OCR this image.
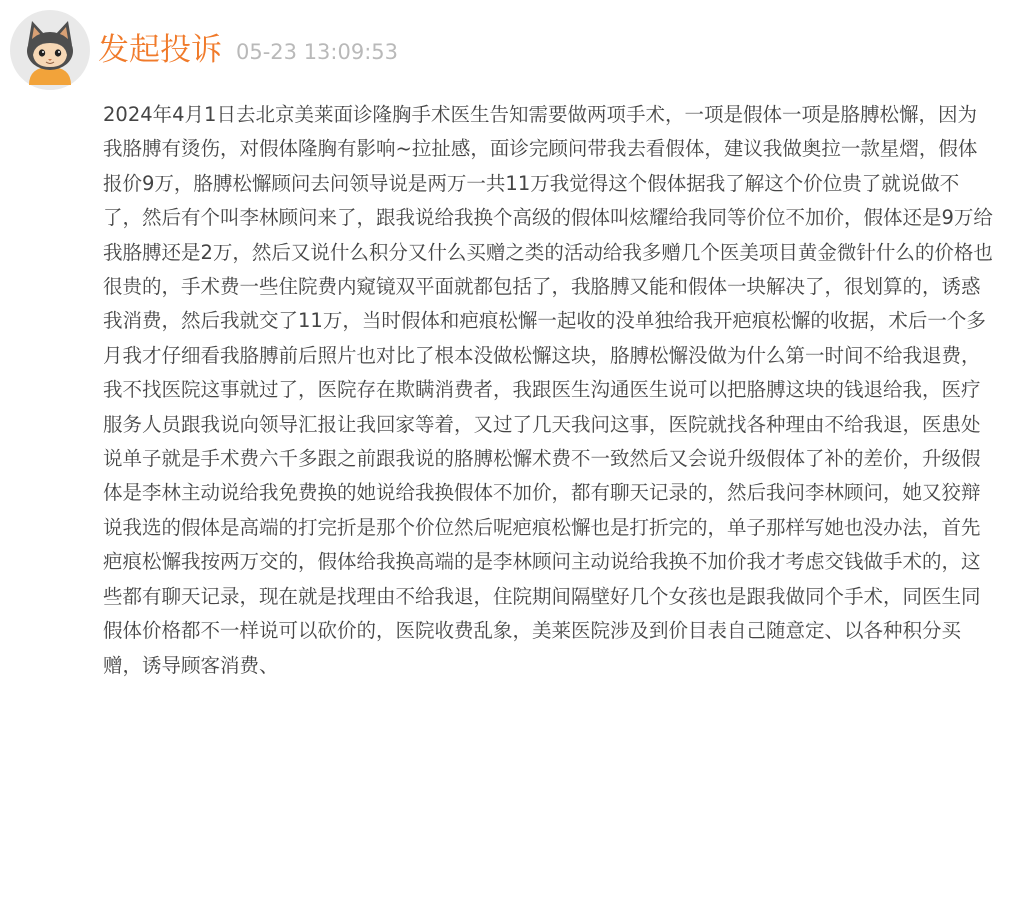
发起投诉 05-23 13:09:53

2024年4月1日去北京美莱面诊隆胸手术医生告知需要做两项手术，一项是假体一项是胳膊松懈，因为我胳膊有烫伤，对假体隆胸有影响~拉扯感，面诊完顾问带我去看假体，建议我做奥拉一款星熠，假体报价9万，胳膊松懈顾问去问领导说是两万一共11万我觉得这个假体据我了解这个价位贵了就说做不了，然后有个叫李林顾问来了，跟我说给我换个高级的假体叫炫耀给我同等价位不加价，假体还是9万给我胳膊还是2万，然后又说什么积分又什么买赠之类的活动给我多赠几个医美项目黄金微针什么的价格也很贵的，手术费一些住院费内窥镜双平面就都包括了，我胳膊又能和假体一块解决了，很划算的，诱惑我消费，然后我就交了11万，当时假体和疤痕松懈一起收的没单独给我开疤痕松懈的收据，术后一个多月我才仔细看我胳膊前后照片也对比了根本没做松懈这块，胳膊松懈没做为什么第一时间不给我退费，我不找医院这事就过了，医院存在欺瞒消费者，我跟医生沟通医生说可以把胳膊这块的钱退给我，医疗服务人员跟我说向领导汇报让我回家等着，又过了几天我问这事，医院就找各种理由不给我退，医患处说单子就是手术费六千多跟之前跟我说的胳膊松懈术费不一致然后又会说升级假体了补的差价，升级假体是李林主动说给我免费换的她说给我换假体不加价，都有聊天记录的，然后我问李林顾问，她又狡辩说我选的假体是高端的打完折是那个价位然后呢疤痕松懈也是打折完的，单子那样写她也没办法，首先疤痕松懈我按两万交的，假体给我换高端的是李林顾问主动说给我换不加价我才考虑交钱做手术的，这些都有聊天记录，现在就是找理由不给我退，住院期间隔壁好几个女孩也是跟我做同个手术，同医生同假体价格都不一样说可以砍价的，医院收费乱象，美莱医院涉及到价目表自己随意定、以各种积分买赠，诱导顾客消费、
